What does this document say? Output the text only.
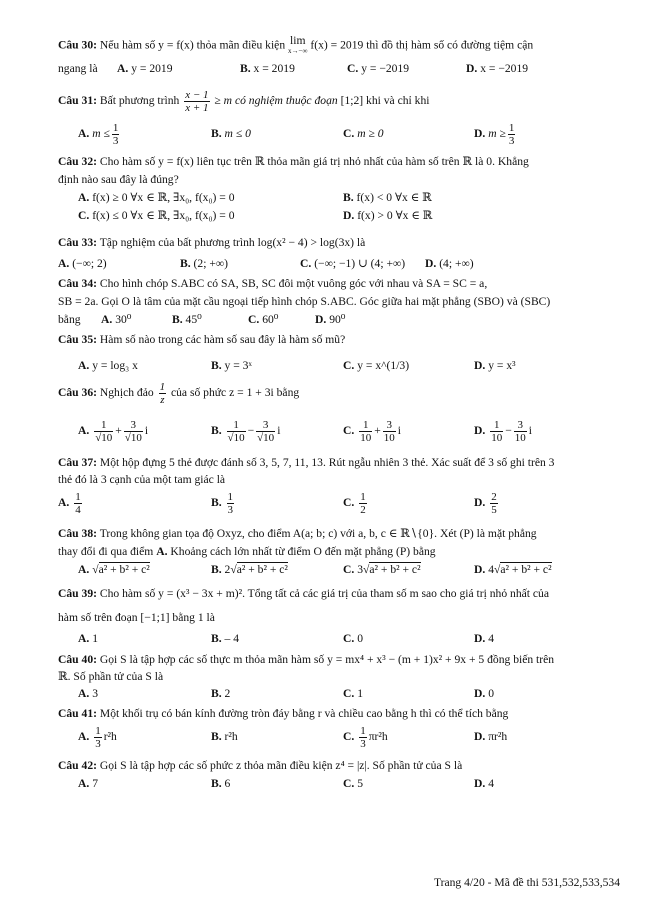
Câu 30: Nếu hàm số y = f(x) thỏa mãn điều kiện lim
x→−∞ f(x) = 2019 thì đồ thị hàm số có đường tiệm cận
ngang là	A. y = 2019	B. x = 2019	C. y = −2019	D. x = −2019
Câu 31: Bất phương trình $\frac{x - 1}{x + 1} \ge m$ có nghiệm thuộc đoạn [1;2] khi và chỉ khi
A. $m \le \frac{1}{3}$	B. m ≤ 0	C. m ≥ 0	D. $m \ge \frac{1}{3}$
Câu 32: Cho hàm số y = f(x) liên tục trên ℝ thỏa mãn giá trị nhỏ nhất của hàm số trên ℝ là 0. Khẳng
định nào sau đây là đúng?
A. f(x) ≥ 0 ∀x ∈ ℝ, ∃x₀, f(x₀) = 0	B. f(x) < 0 ∀x ∈ ℝ
C. f(x) ≤ 0 ∀x ∈ ℝ, ∃x₀, f(x₀) = 0	D. f(x) > 0 ∀x ∈ ℝ
Câu 33: Tập nghiệm của bất phương trình log(x² − 4) > log(3x) là
A. (−∞; 2)	B. (2; +∞)	C. (−∞; −1) ∪ (4; +∞) D. (4; +∞)
Câu 34: Cho hình chóp S.ABC có SA, SB, SC đôi một vuông góc với nhau và SA = SC = a,
SB = 2a. Gọi O là tâm của mặt cầu ngoại tiếp hình chóp S.ABC. Góc giữa hai mặt phẳng (SBO) và (SBC)
bằng	A. 30⁰	B. 45⁰	C. 60⁰	D. 90⁰
Câu 35: Hàm số nào trong các hàm số sau đây là hàm số mũ?
A. y = log₃ x	B. y = 3ˣ	C. y = x^(1/3)	D. y = x³
Câu 36: Nghịch đảo $\frac{1}{z}$ của số phức z = 1 + 3i bằng
A. $\frac{1}{√10} + \frac{3}{√10}$ i	B. $\frac{1}{√10} - \frac{3}{√10}$ i	C. $\frac{1}{10} + \frac{3}{10}$ i	D. $\frac{1}{10} - \frac{3}{10}$ i
Câu 37: Một hộp đựng 5 thẻ được đánh số 3, 5, 7, 11, 13. Rút ngẫu nhiên 3 thẻ. Xác suất để 3 số ghi trên 3
thẻ đó là 3 cạnh của một tam giác là
A. $\frac{1}{4}$	B. $\frac{1}{3}$	C. $\frac{1}{2}$	D. $\frac{2}{5}$
Câu 38: Trong không gian tọa độ Oxyz, cho điểm A(a; b; c) với a, b, c ∈ ℝ∖{0}. Xét (P) là mặt phẳng
thay đổi đi qua điểm A. Khoảng cách lớn nhất từ điểm O đến mặt phẳng (P) bằng
A. √a² + b² + c²	B. 2√a² + b² + c²	C. 3√a² + b² + c²	D. 4√a² + b² + c²
Câu 39: Cho hàm số y = (x³ − 3x + m)². Tổng tất cả các giá trị của tham số m sao cho giá trị nhỏ nhất của
hàm số trên đoạn [−1;1] bằng 1 là
A. 1	B. – 4	C. 0	D. 4
Câu 40: Gọi S là tập hợp các số thực m thỏa mãn hàm số y = mx⁴ + x³ − (m + 1)x² + 9x + 5 đồng biến trên
ℝ. Số phần tử của S là
A. 3	B. 2	C. 1	D. 0
Câu 41: Một khối trụ có bán kính đường tròn đáy bằng r và chiều cao bằng h thì có thể tích bằng
A. $\frac{1}{3} r^2h$	B. r²h	C. $\frac{1}{3} \pi r^2h$	D. πr²h
Câu 42: Gọi S là tập hợp các số phức z thỏa mãn điều kiện z⁴ = |z|. Số phần tử của S là
A. 7	B. 6	C. 5	D. 4
Trang 4/20 - Mã đề thi 531,532,533,534
